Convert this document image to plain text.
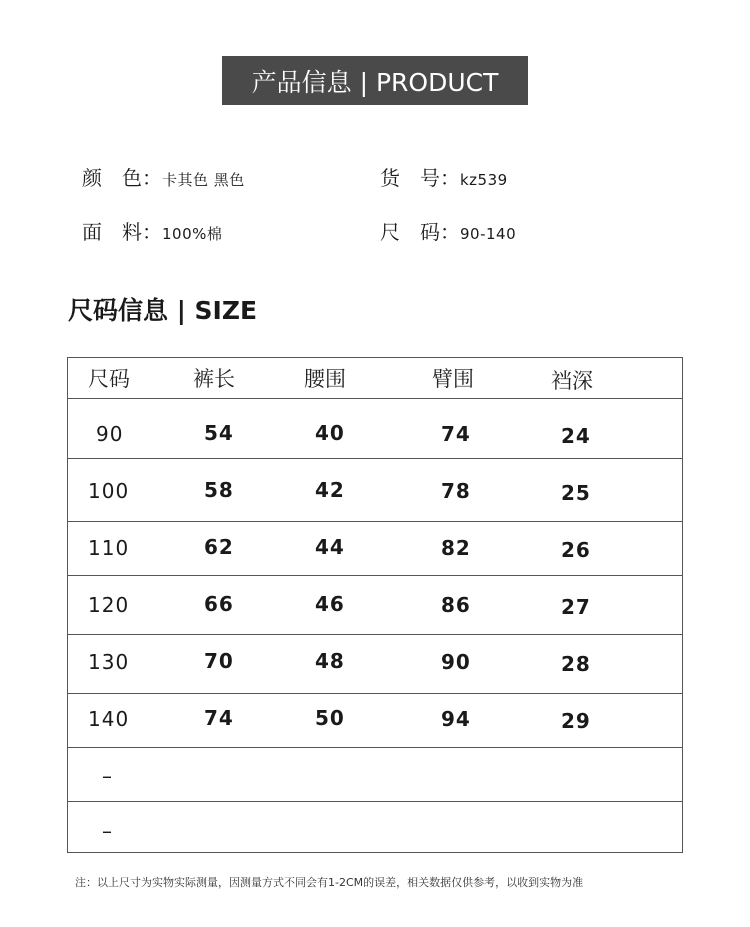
产品信息 | PRODUCT
颜　色：卡其色 黑色	货　号：kz539
面　料：100%棉	尺　码：90-140
尺码信息 | SIZE
尺码	裤长	腰围	臂围	裆深
90	54	40	74	24
100	58	42	78	25
110	62	44	82	26
120	66	46	86	27
130	70	48	90	28
140	74	50	94	29
–
–
注：以上尺寸为实物实际测量，因测量方式不同会有1-2CM的误差，相关数据仅供参考，以收到实物为准
